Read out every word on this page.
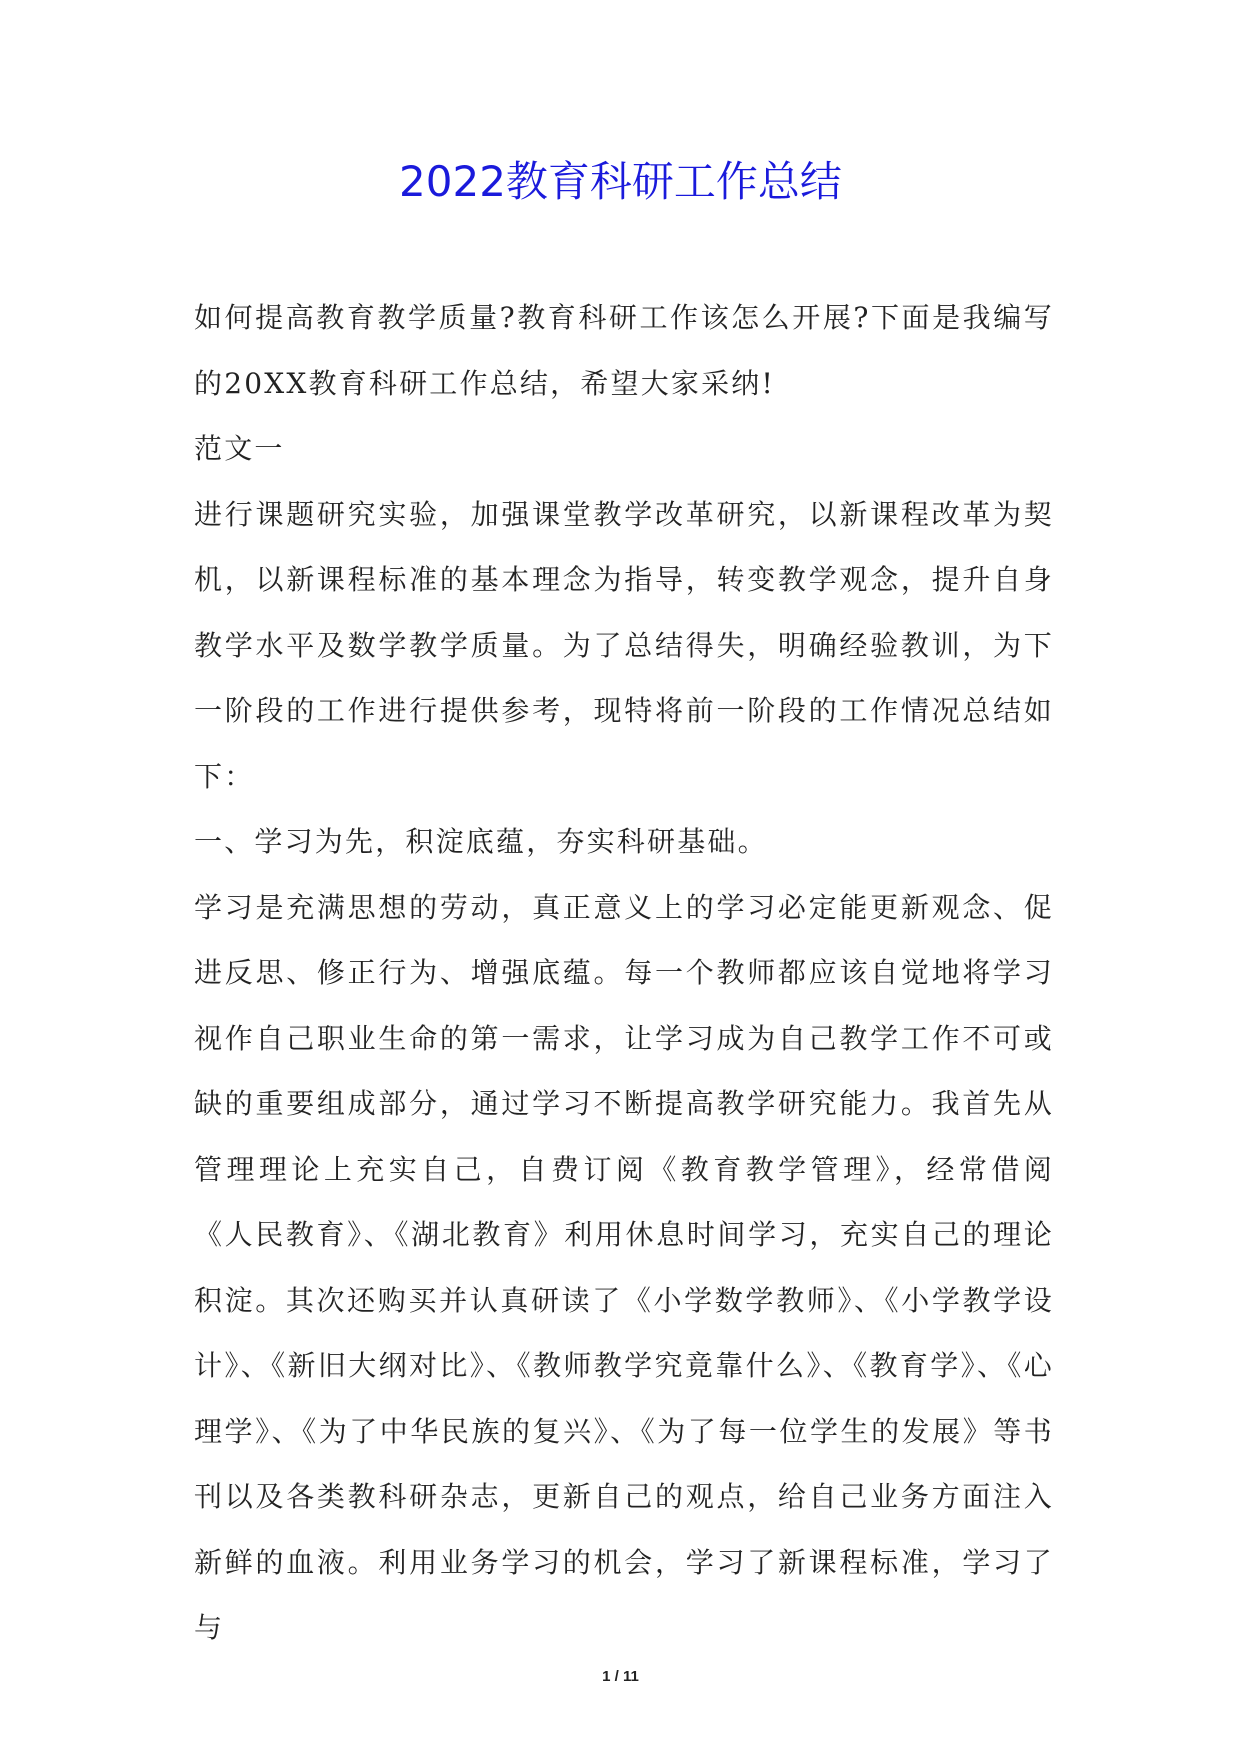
2022教育科研工作总结

如何提高教育教学质量?教育科研工作该怎么开展?下面是我编写的20XX教育科研工作总结，希望大家采纳!

范文一

进行课题研究实验，加强课堂教学改革研究，以新课程改革为契机，以新课程标准的基本理念为指导，转变教学观念，提升自身教学水平及数学教学质量。为了总结得失，明确经验教训，为下一阶段的工作进行提供参考，现特将前一阶段的工作情况总结如下：

一、学习为先，积淀底蕴，夯实科研基础。

学习是充满思想的劳动，真正意义上的学习必定能更新观念、促进反思、修正行为、增强底蕴。每一个教师都应该自觉地将学习视作自己职业生命的第一需求，让学习成为自己教学工作不可或缺的重要组成部分，通过学习不断提高教学研究能力。我首先从管理理论上充实自己，自费订阅《教育教学管理》，经常借阅《人民教育》、《湖北教育》利用休息时间学习，充实自己的理论积淀。其次还购买并认真研读了《小学数学教师》、《小学教学设计》、《新旧大纲对比》、《教师教学究竟靠什么》、《教育学》、《心理学》、《为了中华民族的复兴》、《为了每一位学生的发展》等书刊以及各类教科研杂志，更新自己的观点，给自己业务方面注入新鲜的血液。利用业务学习的机会，学习了新课程标准，学习了与

1 / 11
